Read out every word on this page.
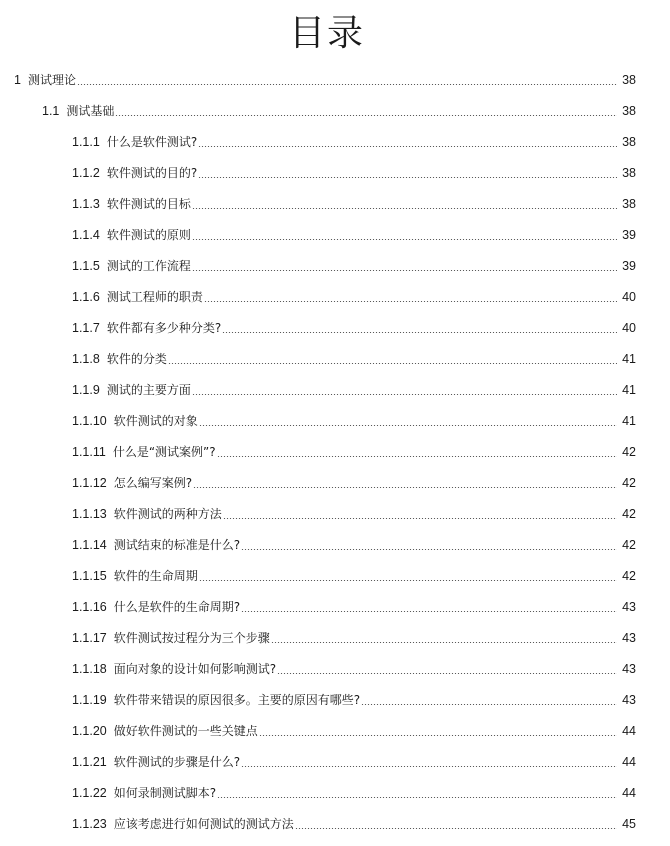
目录
1 测试理论	38
1.1 测试基础	38
1.1.1 什么是软件测试?	38
1.1.2 软件测试的目的?	38
1.1.3 软件测试的目标	38
1.1.4 软件测试的原则	39
1.1.5 测试的工作流程	39
1.1.6 测试工程师的职责	40
1.1.7 软件都有多少种分类?	40
1.1.8 软件的分类	41
1.1.9 测试的主要方面	41
1.1.10 软件测试的对象	41
1.1.11 什么是“测试案例”?	42
1.1.12 怎么编写案例?	42
1.1.13 软件测试的两种方法	42
1.1.14 测试结束的标准是什么?	42
1.1.15 软件的生命周期	42
1.1.16 什么是软件的生命周期?	43
1.1.17 软件测试按过程分为三个步骤	43
1.1.18 面向对象的设计如何影响测试?	43
1.1.19 软件带来错误的原因很多。主要的原因有哪些?	43
1.1.20 做好软件测试的一些关键点	44
1.1.21 软件测试的步骤是什么?	44
1.1.22 如何录制测试脚本?	44
1.1.23 应该考虑进行如何测试的测试方法	45
